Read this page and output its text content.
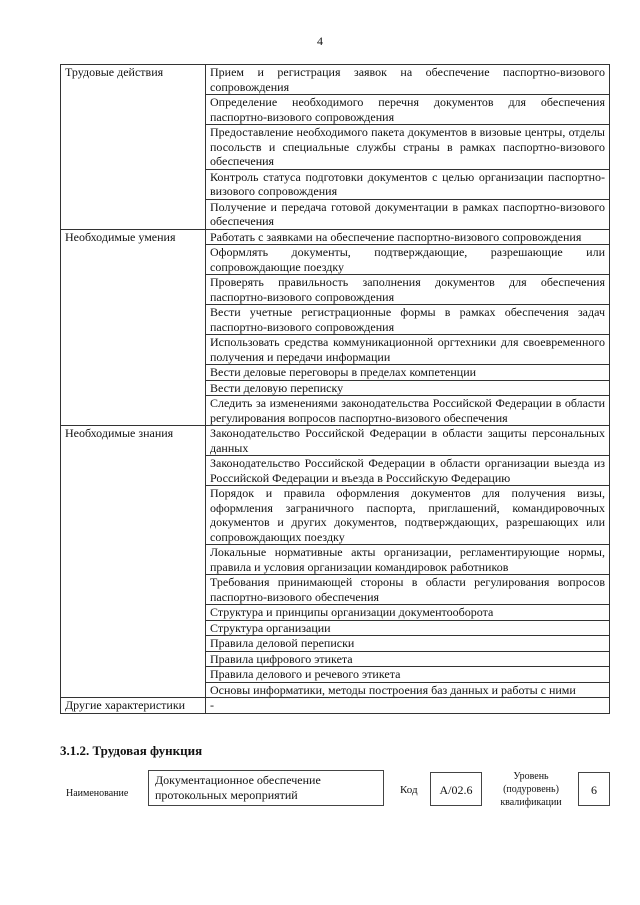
4
Трудовые действия	Прием и регистрация заявок на обеспечение паспортно-визового сопровождения
	Определение необходимого перечня документов для обеспечения паспортно-визового сопровождения
	Предоставление необходимого пакета документов в визовые центры, отделы посольств и специальные службы страны в рамках паспортно-визового обеспечения
	Контроль статуса подготовки документов с целью организации паспортно-визового сопровождения
	Получение и передача готовой документации в рамках паспортно-визового обеспечения
Необходимые умения	Работать с заявками на обеспечение паспортно-визового сопровождения
	Оформлять документы, подтверждающие, разрешающие или сопровождающие поездку
	Проверять правильность заполнения документов для обеспечения паспортно-визового сопровождения
	Вести учетные регистрационные формы в рамках обеспечения задач паспортно-визового сопровождения
	Использовать средства коммуникационной оргтехники для своевременного получения и передачи информации
	Вести деловые переговоры в пределах компетенции
	Вести деловую переписку
	Следить за изменениями законодательства Российской Федерации в области регулирования вопросов паспортно-визового обеспечения
Необходимые знания	Законодательство Российской Федерации в области защиты персональных данных
	Законодательство Российской Федерации в области организации выезда из Российской Федерации и въезда в Российскую Федерацию
	Порядок и правила оформления документов для получения визы, оформления заграничного паспорта, приглашений, командировочных документов и других документов, подтверждающих, разрешающих или сопровождающих поездку
	Локальные нормативные акты организации, регламентирующие нормы, правила и условия организации командировок работников
	Требования принимающей стороны в области регулирования вопросов паспортно-визового обеспечения
	Структура и принципы организации документооборота
	Структура организации
	Правила деловой переписки
	Правила цифрового этикета
	Правила делового и речевого этикета
	Основы информатики, методы построения баз данных и работы с ними
Другие характеристики	-
3.1.2. Трудовая функция
Наименование
Документационное обеспечение протокольных мероприятий	Код	А/02.6
Уровень (подуровень) квалификации
6
